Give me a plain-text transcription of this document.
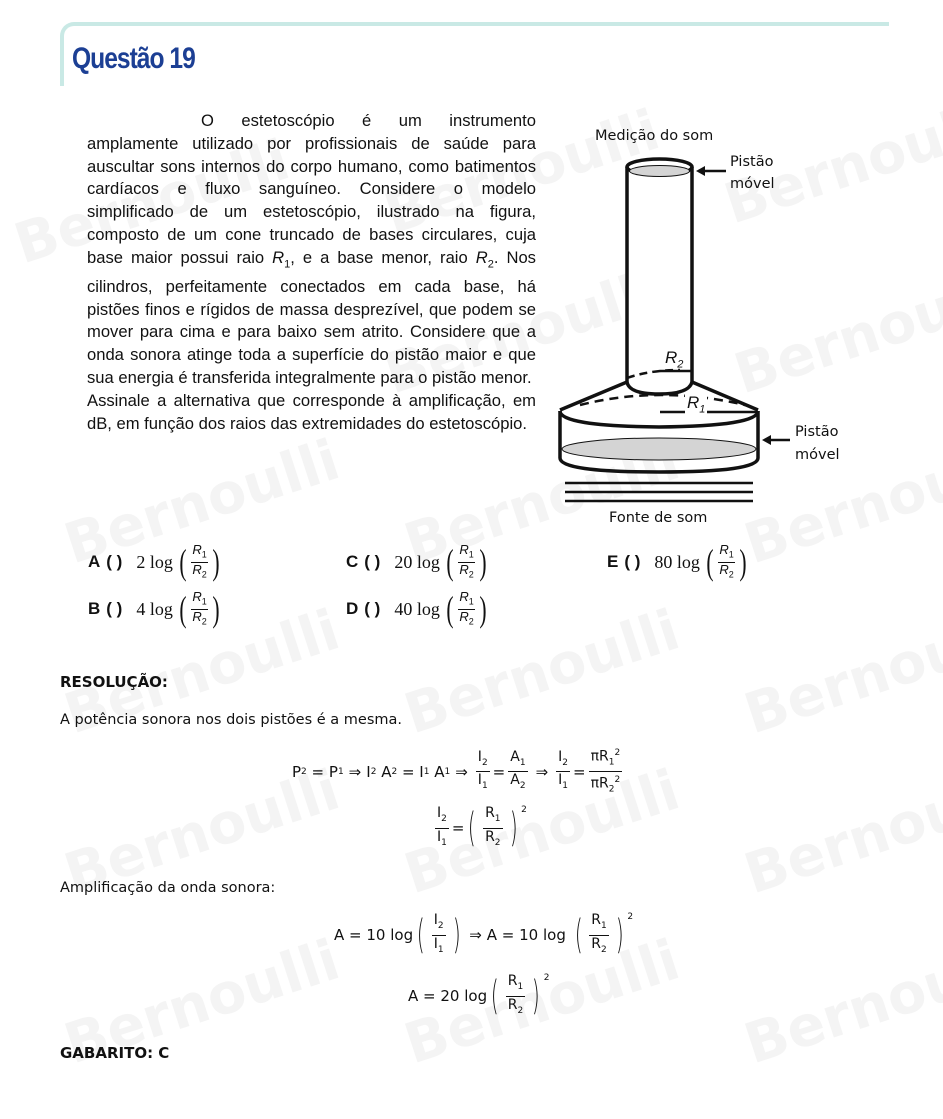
Questão 19

O estetoscópio é um instrumento amplamente utilizado por profissionais de saúde para auscultar sons internos do corpo humano, como batimentos cardíacos e fluxo sanguíneo. Considere o modelo simplificado de um estetoscópio, ilustrado na figura, composto de um cone truncado de bases circulares, cuja base maior possui raio $R_1$, e a base menor, raio $R_2$. Nos cilindros, perfeitamente conectados em cada base, há pistões finos e rígidos de massa desprezível, que podem se mover para cima e para baixo sem atrito. Considere que a onda sonora atinge toda a superfície do pistão maior e que sua energia é transferida integralmente para o pistão menor.

Assinale a alternativa que corresponde à amplificação, em dB, em função dos raios das extremidades do estetoscópio.

Medição do som
Pistão
móvel
Pistão
móvel
$R_2$
$R_1$
Fonte de som
A ( ) 2
log
( $\frac{R_1}{R_2}$ )
B ( ) 4
log
( $\frac{R_1}{R_2}$ )
C ( ) 20
log
( $\frac{R_1}{R_2}$ )
D ( ) 40
log
( $\frac{R_1}{R_2}$ )
E ( ) 80
log
( $\frac{R_1}{R_2}$ )
RESOLUÇÃO:
A potência sonora nos dois pistões é a mesma.
P 2 = P 1 ⇒ I 2 A 2 = I 1 A 1 ⇒
$I_2$
$I_1$
=
$A_1$
$A_2$
⇒
$I_2$
$I_1$
=
$\pi R_1^2$
$\pi R_2^2$
$I_2$
$I_1$
= ( $R_1$
$R_2$ ) $^2$
Amplificação da onda sonora:
A = 10 log ( $I_2$
$I_1$ ) ⇒ A = 10 log ( $R_1$
$R_2$ ) $^2$
A = 20 log ( $R_1$
$R_2$ ) $^2$
GABARITO: C
